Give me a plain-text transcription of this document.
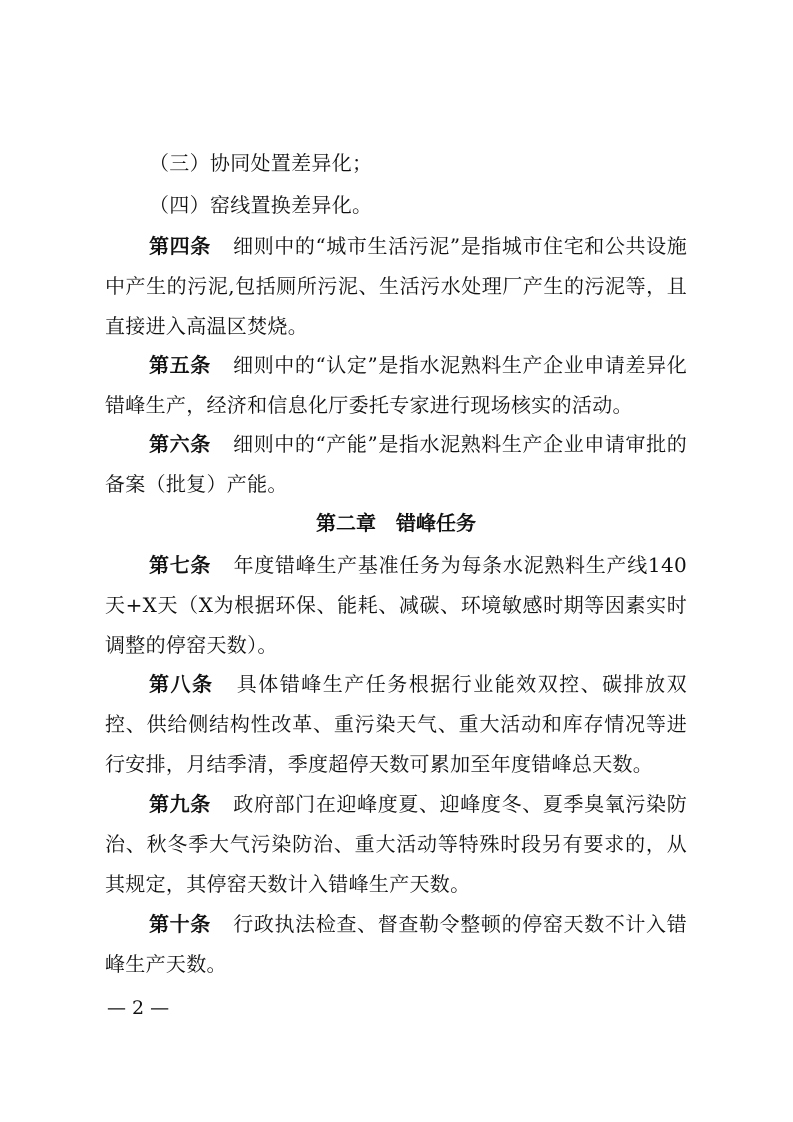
（三）协同处置差异化；

（四）窑线置换差异化。

第四条 细则中的“城市生活污泥”是指城市住宅和公共设施中产生的污泥,包括厕所污泥、生活污水处理厂产生的污泥等，且直接进入高温区焚烧。

第五条 细则中的“认定”是指水泥熟料生产企业申请差异化错峰生产，经济和信息化厅委托专家进行现场核实的活动。

第六条 细则中的“产能”是指水泥熟料生产企业申请审批的备案（批复）产能。

第二章 错峰任务

第七条 年度错峰生产基准任务为每条水泥熟料生产线140天+X天（X为根据环保、能耗、减碳、环境敏感时期等因素实时调整的停窑天数）。

第八条 具体错峰生产任务根据行业能效双控、碳排放双控、供给侧结构性改革、重污染天气、重大活动和库存情况等进行安排，月结季清，季度超停天数可累加至年度错峰总天数。

第九条 政府部门在迎峰度夏、迎峰度冬、夏季臭氧污染防治、秋冬季大气污染防治、重大活动等特殊时段另有要求的，从其规定，其停窑天数计入错峰生产天数。

第十条 行政执法检查、督查勒令整顿的停窑天数不计入错峰生产天数。

— 2 —
